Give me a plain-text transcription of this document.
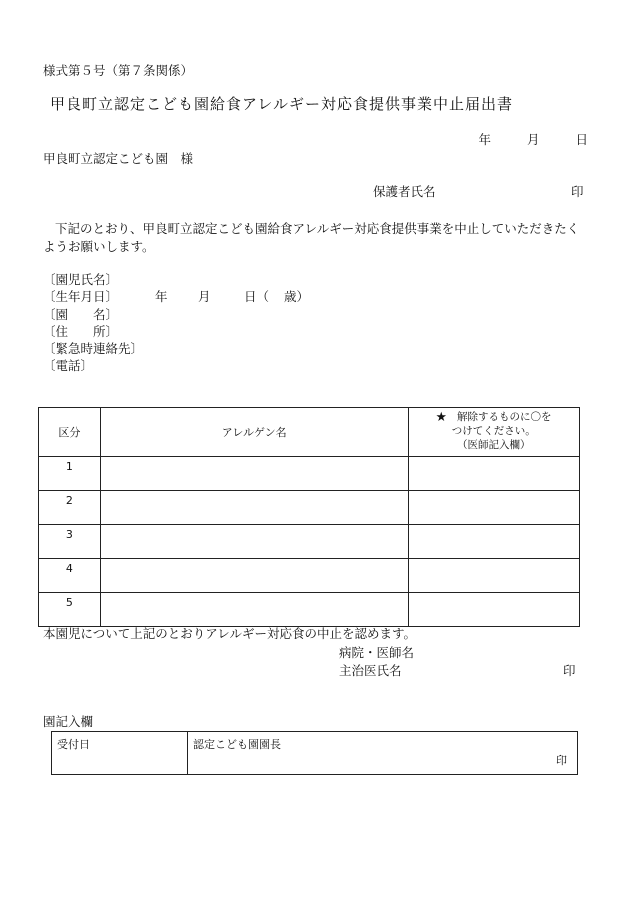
様式第５号（第７条関係）
甲良町立認定こども園給食アレルギー対応食提供事業中止届出書
年	月	日
甲良町立認定こども園　様
保護者氏名	印
下記のとおり、甲良町立認定こども園給食アレルギー対応食提供事業を中止していただきたくようお願いします。
〔園児氏名〕
〔生年月日〕	年 月	日（ 歳）
〔園　　名〕
〔住　　所〕
〔緊急時連絡先〕
〔電話〕
区分	アレルゲン名	★　解除するものに〇を
つけてください。
（医師記入欄）

1		
2		
3		
4		
5		
本園児について上記のとおりアレルギー対応食の中止を認めます。
病院・医師名
主治医氏名	印
園記入欄
受付日	認定こども園園長
印
